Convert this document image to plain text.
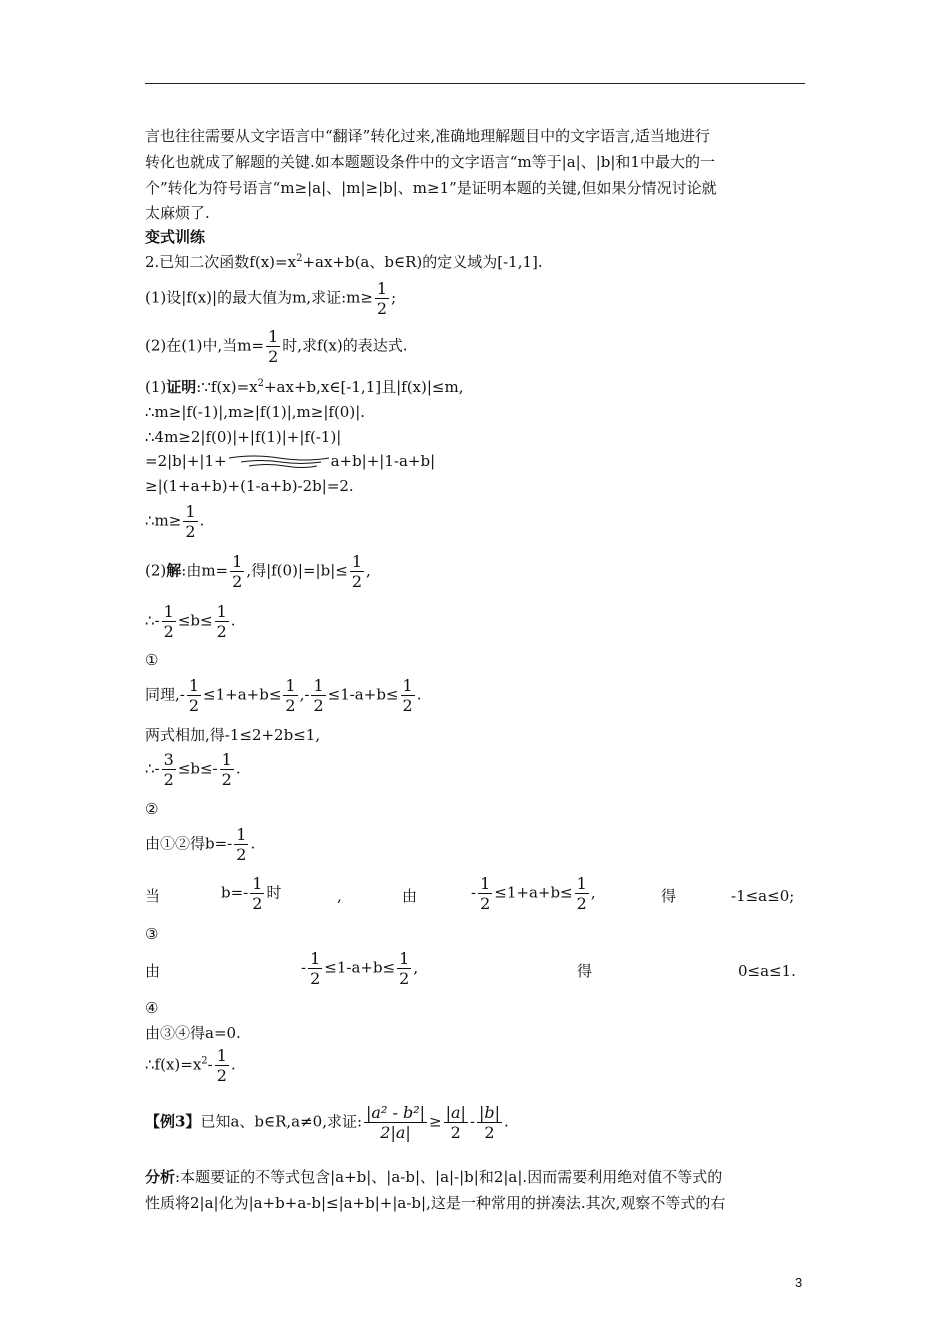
言也往往需要从文字语言中“翻译”转化过来,准确地理解题目中的文字语言,适当地进行
转化也就成了解题的关键.如本题题设条件中的文字语言“m等于|a|、|b|和1中最大的一
个”转化为符号语言“m≥|a|、|m|≥|b|、m≥1”是证明本题的关键,但如果分情况讨论就
太麻烦了.
变式训练
2.已知二次函数$f(x)=x^2+ax+b(a$、b∈R)的定义域为[-1,1].
(1)设|f(x)|的最大值为m,求证:m≥ $\frac{1}{2}$ ;
(2)在(1)中,当$m= \frac{1}{2}$ 时,求f(x)的表达式.
(1)证明$:\because f(x)=x^2+ax+b,x\in[-1,1]$且|f(x)|≤m,
∴m≥|f(-1)|,m≥|f(1)|,m≥|f(0)|.
∴4m≥2|f(0)|+|f(1)|+|f(-1)|
=2|b|+|1+	a+b|+|1-a+b|
≥|(1+a+b)+(1-a+b)-2b|=2.
∴m≥ $\frac{1}{2}$ .
(2)解:由$m= \frac{1}{2}$ ,得$|f(0)|=|b|\le \frac{1}{2}$ ,
∴- $\frac{1}{2} \le b\le \frac{1}{2}$ .
①
同理,- $\frac{1}{2} \le 1+a+b\le \frac{1}{2}$ ,- $\frac{1}{2} \le 1-a+b\le \frac{1}{2}$ .
两式相加,得-1≤2+2b≤1,
∴- $\frac{3}{2} \le b\le- \frac{1}{2}$ .
②
由①②得$b=- \frac{1}{2}$ .
当	$b=- \frac{1}{2}$ 时	,	由	- $\frac{1}{2} \le 1+a+b\le \frac{1}{2}$ ,	得	-1≤a≤0;
③
由	- $\frac{1}{2} \le 1-a+b\le \frac{1}{2}$ ,	得	0≤a≤1.
④
由③④得a=0.
$\therefore f(x)=x^2- \frac{1}{2}$ .
【例3】已知a、b∈R,a≠0,求证: $\frac{\text{|a² - b²|}}{2|a|} \ge \frac{|a|}{2} - \frac{|b|}{2}$ .
分析:本题要证的不等式包含|a+b|、|a-b|、|a|-|b|和2|a|.因而需要利用绝对值不等式的
性质将2|a|化为|a+b+a-b|≤|a+b|+|a-b|,这是一种常用的拼凑法.其次,观察不等式的右
3
